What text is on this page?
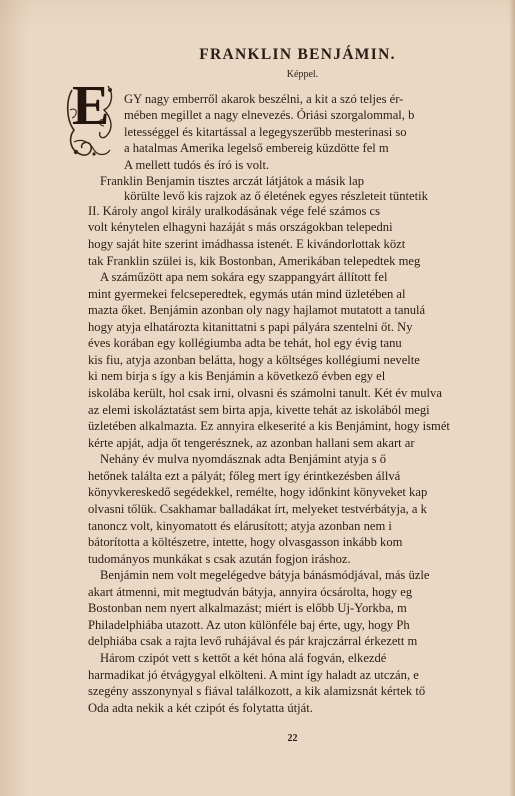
FRANKLIN BENJÁMIN.
Képpel.
E GY nagy emberről akarok beszélni, a kit a szó teljes ér-
mében megillet a nagy elnevezés. Óriási szorgalommal, b
letességgel és kitartással a legegyszerűbb mesterinasi so
a hatalmas Amerika legelső embereig küzdötte fel m
A mellett tudós és író is volt.
Franklin Benjamin tisztes arczát látjátok a másik lap
körülte levő kis rajzok az ő életének egyes részleteit tüntetik
II. Károly angol király uralkodásának vége felé számos cs
volt kénytelen elhagyni hazáját s más országokban telepedni
hogy saját hite szerint imádhassa istenét. E kivándorlottak közt
tak Franklin szülei is, kik Bostonban, Amerikában telepedtek meg
A száműzött apa nem sokára egy szappangyárt állított fel
mint gyermekei felcseperedtek, egymás után mind üzletében al
mazta őket. Benjámin azonban oly nagy hajlamot mutatott a tanulá
hogy atyja elhatározta kitanittatni s papi pályára szentelni őt. Ny
éves korában egy kollégiumba adta be tehát, hol egy évig tanu
kis fiu, atyja azonban belátta, hogy a költséges kollégiumi nevelte
ki nem birja s így a kis Benjámin a következő évben egy el
iskolába került, hol csak irni, olvasni és számolni tanult. Két év mulva
az elemi iskoláztatást sem birta apja, kivette tehát az iskolából megi
üzletében alkalmazta. Ez annyira elkeserité a kis Benjámint, hogy ismét
kérte apját, adja őt tengerésznek, az azonban hallani sem akart ar
Nehány év mulva nyomdásznak adta Benjámint atyja s ő
hetőnek találta ezt a pályát; főleg mert így érintkezésben állvá
könyvkereskedő segédekkel, remélte, hogy időnkint könyveket kap
olvasni tőlük. Csakhamar balladákat írt, melyeket testvérbátyja, a k
tanoncz volt, kinyomatott és elárusított; atyja azonban nem i
bátorította a költészetre, intette, hogy olvasgasson inkább kom
tudományos munkákat s csak azután fogjon iráshoz.
Benjámin nem volt megelégedve bátyja bánásmódjával, más üzle
akart átmenni, mit megtudván bátyja, annyira ócsárolta, hogy eg
Bostonban nem nyert alkalmazást; miért is előbb Uj-Yorkba, m
Philadelphiába utazott. Az uton különféle baj érte, ugy, hogy Ph
delphiába csak a rajta levő ruhájával és pár krajczárral érkezett m
Három czipót vett s kettőt a két hóna alá fogván, elkezdé
harmadikat jó étvágygyal elkölteni. A mint így haladt az utczán, e
szegény asszonynyal s fiával találkozott, a kik alamizsnát kértek tő
Oda adta nekik a két czipót és folytatta útját.
22
